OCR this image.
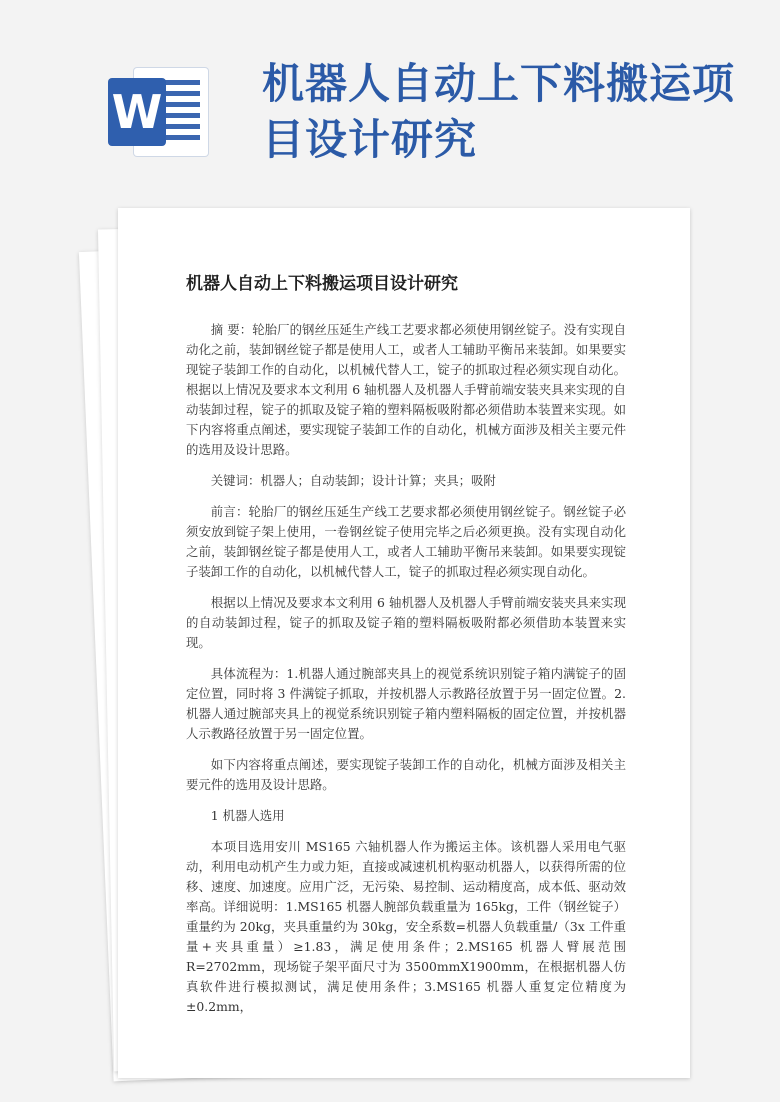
W
机器人自动上下料搬运项目设计研究
机器人自动上下料搬运项目设计研究

摘 要：轮胎厂的钢丝压延生产线工艺要求都必须使用钢丝锭子。没有实现自动化之前，装卸钢丝锭子都是使用人工，或者人工辅助平衡吊来装卸。如果要实现锭子装卸工作的自动化，以机械代替人工，锭子的抓取过程必须实现自动化。根据以上情况及要求本文利用 6 轴机器人及机器人手臂前端安装夹具来实现的自动装卸过程，锭子的抓取及锭子箱的塑料隔板吸附都必须借助本装置来实现。如下内容将重点阐述，要实现锭子装卸工作的自动化，机械方面涉及相关主要元件的选用及设计思路。

关键词：机器人；自动装卸；设计计算；夹具；吸附

前言：轮胎厂的钢丝压延生产线工艺要求都必须使用钢丝锭子。钢丝锭子必须安放到锭子架上使用，一卷钢丝锭子使用完毕之后必须更换。没有实现自动化之前，装卸钢丝锭子都是使用人工，或者人工辅助平衡吊来装卸。如果要实现锭子装卸工作的自动化，以机械代替人工，锭子的抓取过程必须实现自动化。

根据以上情况及要求本文利用 6 轴机器人及机器人手臂前端安装夹具来实现的自动装卸过程，锭子的抓取及锭子箱的塑料隔板吸附都必须借助本装置来实现。

具体流程为：1.机器人通过腕部夹具上的视觉系统识别锭子箱内满锭子的固定位置，同时将 3 件满锭子抓取，并按机器人示教路径放置于另一固定位置。2.机器人通过腕部夹具上的视觉系统识别锭子箱内塑料隔板的固定位置，并按机器人示教路径放置于另一固定位置。

如下内容将重点阐述，要实现锭子装卸工作的自动化，机械方面涉及相关主要元件的选用及设计思路。

1 机器人选用

本项目选用安川 MS165 六轴机器人作为搬运主体。该机器人采用电气驱动，利用电动机产生力或力矩，直接或减速机机构驱动机器人，以获得所需的位移、速度、加速度。应用广泛，无污染、易控制、运动精度高，成本低、驱动效率高。详细说明：1.MS165 机器人腕部负载重量为 165kg，工件（钢丝锭子）重量约为 20kg，夹具重量约为 30kg，安全系数=机器人负载重量/（3x 工件重量+夹具重量）≥1.83，满足使用条件；2.MS165 机器人臂展范围 R=2702mm，现场锭子架平面尺寸为 3500mmX1900mm，在根据机器人仿真软件进行模拟测试，满足使用条件；3.MS165 机器人重复定位精度为±0.2mm，
